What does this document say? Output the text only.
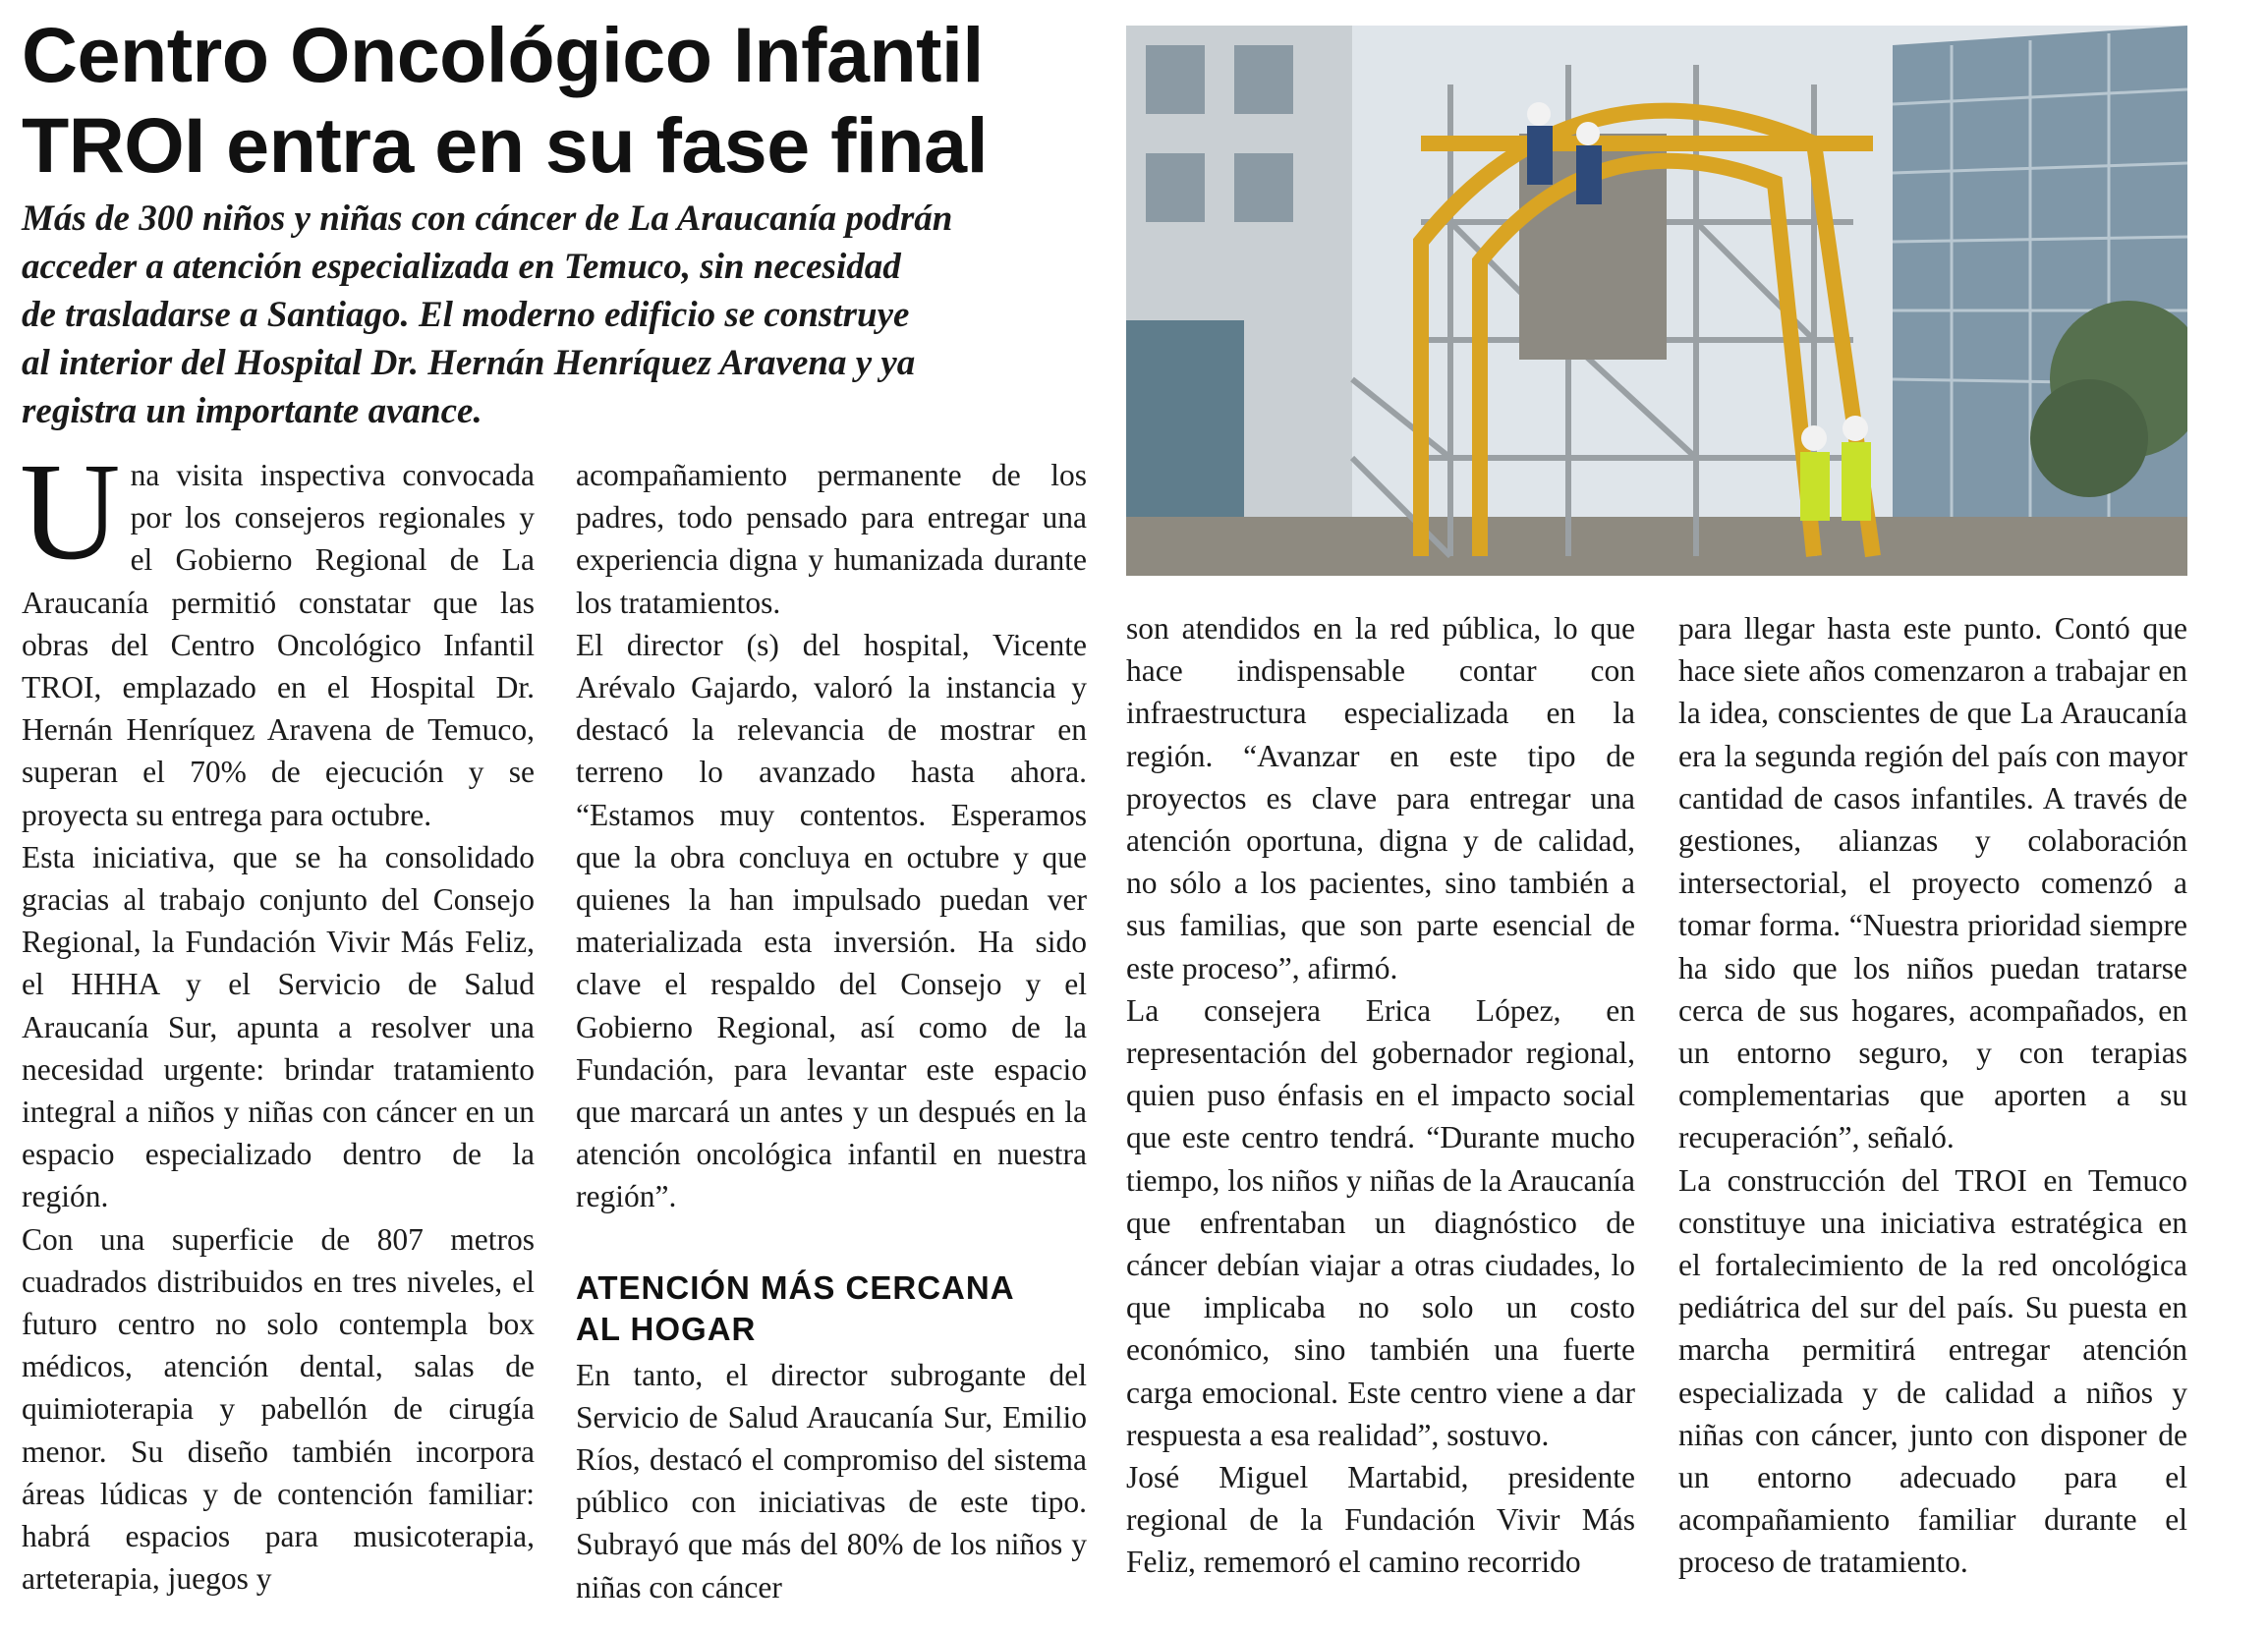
Centro Oncológico Infantil
TROI entra en su fase final
Más de 300 niños y niñas con cáncer de La Araucanía podrán
acceder a atención especializada en Temuco, sin necesidad
de trasladarse a Santiago. El moderno edificio se construye
al interior del Hospital Dr. Hernán Henríquez Aravena y ya
registra un importante avance.

Una visita inspectiva convocada por los consejeros regionales y el Gobierno Regional de La Araucanía permitió constatar que las obras del Centro Oncológico Infantil TROI, emplazado en el Hospital Dr. Hernán Henríquez Aravena de Temuco, superan el 70% de ejecución y se proyecta su entrega para octubre.

Esta iniciativa, que se ha consolidado gracias al trabajo conjunto del Consejo Regional, la Fundación Vivir Más Feliz, el HHHA y el Servicio de Salud Araucanía Sur, apunta a resolver una necesidad urgente: brindar tratamiento integral a niños y niñas con cáncer en un espacio especializado dentro de la región.

Con una superficie de 807 metros cuadrados distribuidos en tres niveles, el futuro centro no solo contempla box médicos, atención dental, salas de quimioterapia y pabellón de cirugía menor. Su diseño también incorpora áreas lúdicas y de contención familiar: habrá espacios para musicoterapia, arteterapia, juegos y

acompañamiento permanente de los padres, todo pensado para entregar una experiencia digna y humanizada durante los tratamientos.

El director (s) del hospital, Vicente Arévalo Gajardo, valoró la instancia y destacó la relevancia de mostrar en terreno lo avanzado hasta ahora. “Estamos muy contentos. Esperamos que la obra concluya en octubre y que quienes la han impulsado puedan ver materializada esta inversión. Ha sido clave el respaldo del Consejo y el Gobierno Regional, así como de la Fundación, para levantar este espacio que marcará un antes y un después en la atención oncológica infantil en nuestra región”.

ATENCIÓN MÁS CERCANA
AL HOGAR

En tanto, el director subrogante del Servicio de Salud Araucanía Sur, Emilio Ríos, destacó el compromiso del sistema público con iniciativas de este tipo. Subrayó que más del 80% de los niños y niñas con cáncer

son atendidos en la red pública, lo que hace indispensable contar con infraestructura especializada en la región. “Avanzar en este tipo de proyectos es clave para entregar una atención oportuna, digna y de calidad, no sólo a los pacientes, sino también a sus familias, que son parte esencial de este proceso”, afirmó.

La consejera Erica López, en representación del gobernador regional, quien puso énfasis en el impacto social que este centro tendrá. “Durante mucho tiempo, los niños y niñas de la Araucanía que enfrentaban un diagnóstico de cáncer debían viajar a otras ciudades, lo que implicaba no solo un costo económico, sino también una fuerte carga emocional. Este centro viene a dar respuesta a esa realidad”, sostuvo.

José Miguel Martabid, presidente regional de la Fundación Vivir Más Feliz, rememoró el camino recorrido

para llegar hasta este punto. Contó que hace siete años comenzaron a trabajar en la idea, conscientes de que La Araucanía era la segunda región del país con mayor cantidad de casos infantiles. A través de gestiones, alianzas y colaboración intersectorial, el proyecto comenzó a tomar forma. “Nuestra prioridad siempre ha sido que los niños puedan tratarse cerca de sus hogares, acompañados, en un entorno seguro, y con terapias complementarias que aporten a su recuperación”, señaló.

La construcción del TROI en Temuco constituye una iniciativa estratégica en el fortalecimiento de la red oncológica pediátrica del sur del país. Su puesta en marcha permitirá entregar atención especializada y de calidad a niños y niñas con cáncer, junto con disponer de un entorno adecuado para el acompañamiento familiar durante el proceso de tratamiento.
